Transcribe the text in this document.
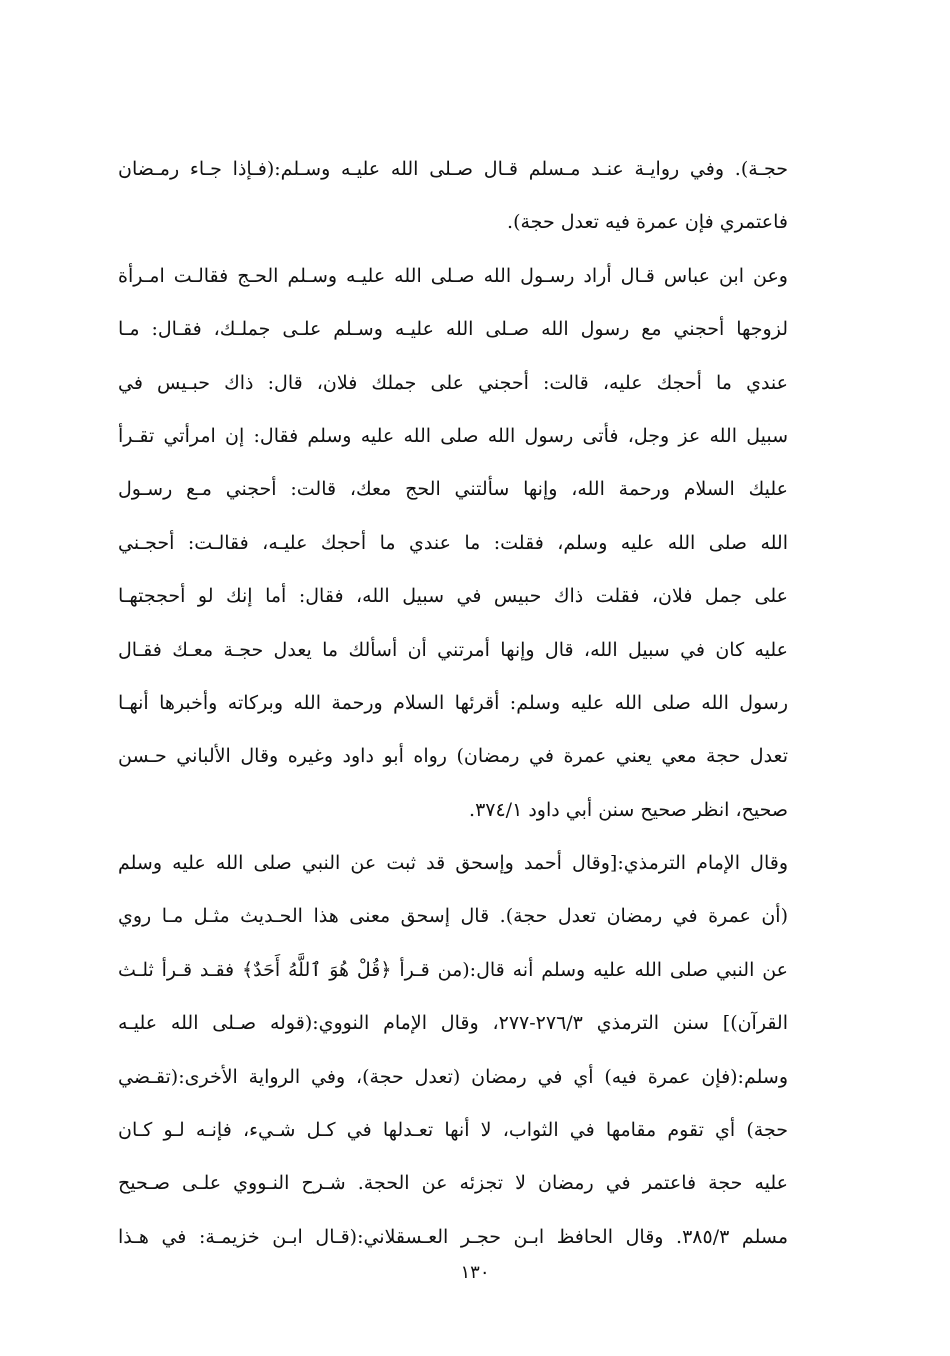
حجـة). وفي روايـة عنـد مـسلم قـال صـلى الله عليـه وسـلم:(فـإذا جـاء رمـضان
فاعتمري فإن عمرة فيه تعدل حجة).
وعن ابن عباس قـال أراد رسـول الله صـلى الله عليـه وسـلم الحـج فقالـت امـرأة
لزوجها أحجني مع رسول الله صـلى الله عليـه وسـلم علـى جملـك، فقـال: مـا
عندي ما أحجك عليه، قالت: أحجني على جملك فلان، قال: ذاك حبـيس في
سبيل الله عز وجل، فأتى رسول الله صلى الله عليه وسلم فقال: إن امرأتي تقـرأ
عليك السلام ورحمة الله، وإنها سألتني الحج معك، قالت: أحجني مـع رسـول
الله صلى الله عليه وسلم، فقلت: ما عندي ما أحجك عليـه، فقالـت: أحجـني
على جمل فلان، فقلت ذاك حبيس في سبيل الله، فقال: أما إنك لو أحججتهـا
عليه كان في سبيل الله، قال وإنها أمرتني أن أسألك ما يعدل حجـة معـك فقـال
رسول الله صلى الله عليه وسلم: أقرئها السلام ورحمة الله وبركاته وأخبرها أنهـا
تعدل حجة معي يعني عمرة في رمضان) رواه أبو داود وغيره وقال الألباني حـسن
صحيح، انظر صحيح سنن أبي داود ٣٧٤/١.
وقال الإمام الترمذي:[وقال أحمد وإسحق قد ثبت عن النبي صلى الله عليه وسلم
(أن عمرة في رمضان تعدل حجة). قال إسحق معنى هذا الحـديث مثـل مـا روي
عن النبي صلى الله عليه وسلم أنه قال:(من قـرأ ﴿قُلْ هُوَ ٱللَّهُ أَحَدٌ﴾ فقـد قـرأ ثلـث
القرآن)] سنن الترمذي ٢٧٦/٣-٢٧٧، وقال الإمام النووي:(قوله صـلى الله عليـه
وسلم:(فإن عمرة فيه) أي في رمضان (تعدل حجة)، وفي الرواية الأخرى:(تقـضي
حجة) أي تقوم مقامها في الثواب، لا أنها تعـدلها في كـل شـيء، فإنـه لـو كـان
عليه حجة فاعتمر في رمضان لا تجزئه عن الحجة. شـرح النـووي علـى صـحيح
مسلم ٣٨٥/٣. وقال الحافظ ابـن حجـر العـسقلاني:(قـال ابـن خزيمـة: في هـذا
١٣٠
